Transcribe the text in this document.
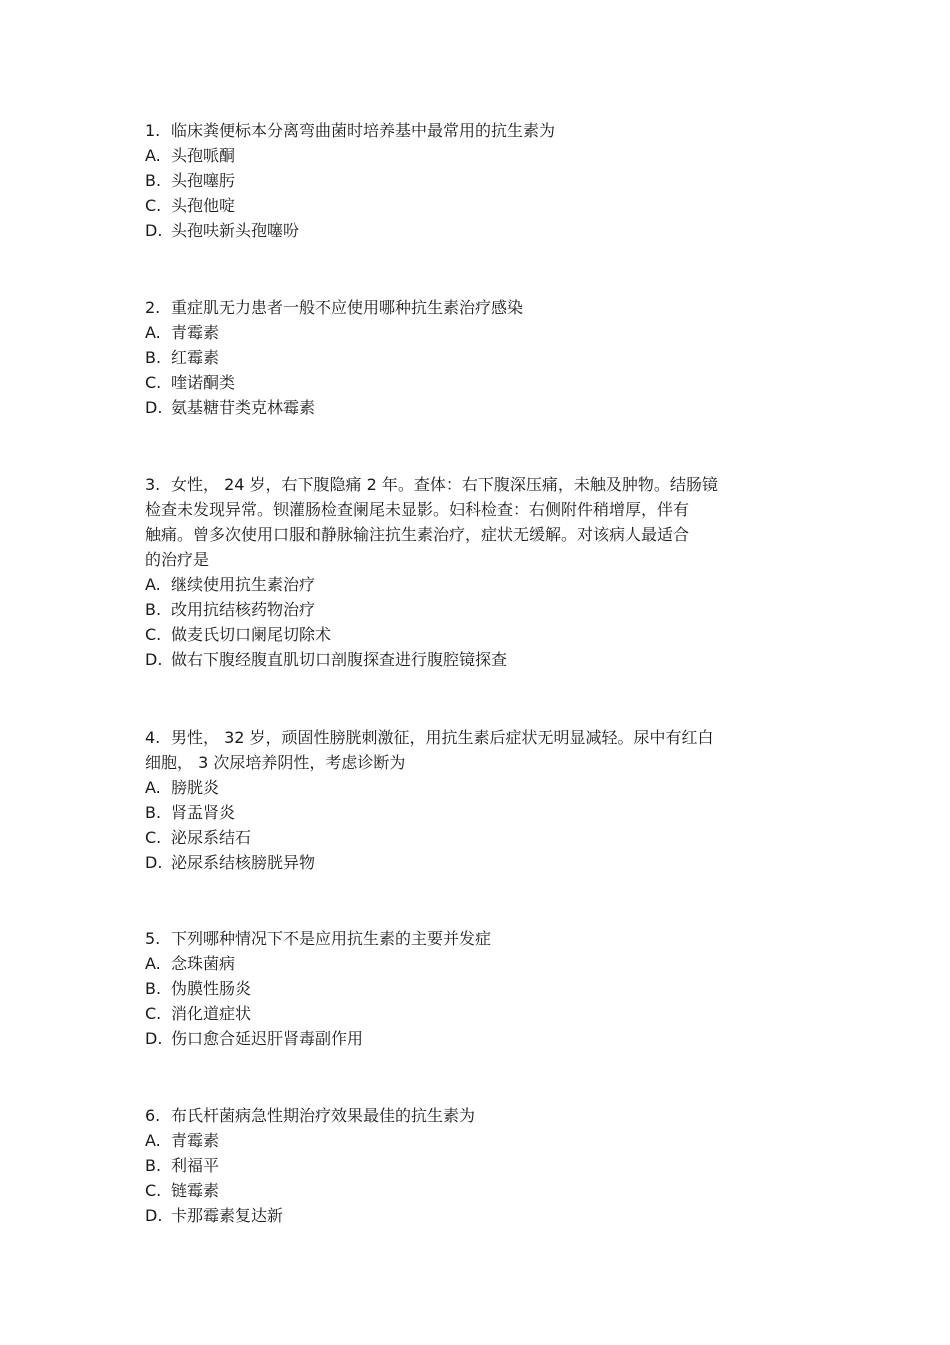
1. 临床粪便标本分离弯曲菌时培养基中最常用的抗生素为
A. 头孢哌酮
B. 头孢噻肟
C. 头孢他啶
D. 头孢呋新头孢噻吩
2. 重症肌无力患者一般不应使用哪种抗生素治疗感染
A. 青霉素
B. 红霉素
C. 喹诺酮类
D. 氨基糖苷类克林霉素
3. 女性， 24 岁，右下腹隐痛 2 年。查体：右下腹深压痛，未触及肿物。结肠镜
检查未发现异常。钡灌肠检查阑尾未显影。妇科检查：右侧附件稍增厚，伴有
触痛。曾多次使用口服和静脉输注抗生素治疗，症状无缓解。对该病人最适合
的治疗是
A. 继续使用抗生素治疗
B. 改用抗结核药物治疗
C. 做麦氏切口阑尾切除术
D. 做右下腹经腹直肌切口剖腹探查进行腹腔镜探查
4. 男性， 32 岁，顽固性膀胱刺激征，用抗生素后症状无明显减轻。尿中有红白
细胞， 3 次尿培养阴性，考虑诊断为
A. 膀胱炎
B. 肾盂肾炎
C. 泌尿系结石
D. 泌尿系结核膀胱异物
5. 下列哪种情况下不是应用抗生素的主要并发症
A. 念珠菌病
B. 伪膜性肠炎
C. 消化道症状
D. 伤口愈合延迟肝肾毒副作用
6. 布氏杆菌病急性期治疗效果最佳的抗生素为
A. 青霉素
B. 利福平
C. 链霉素
D. 卡那霉素复达新
